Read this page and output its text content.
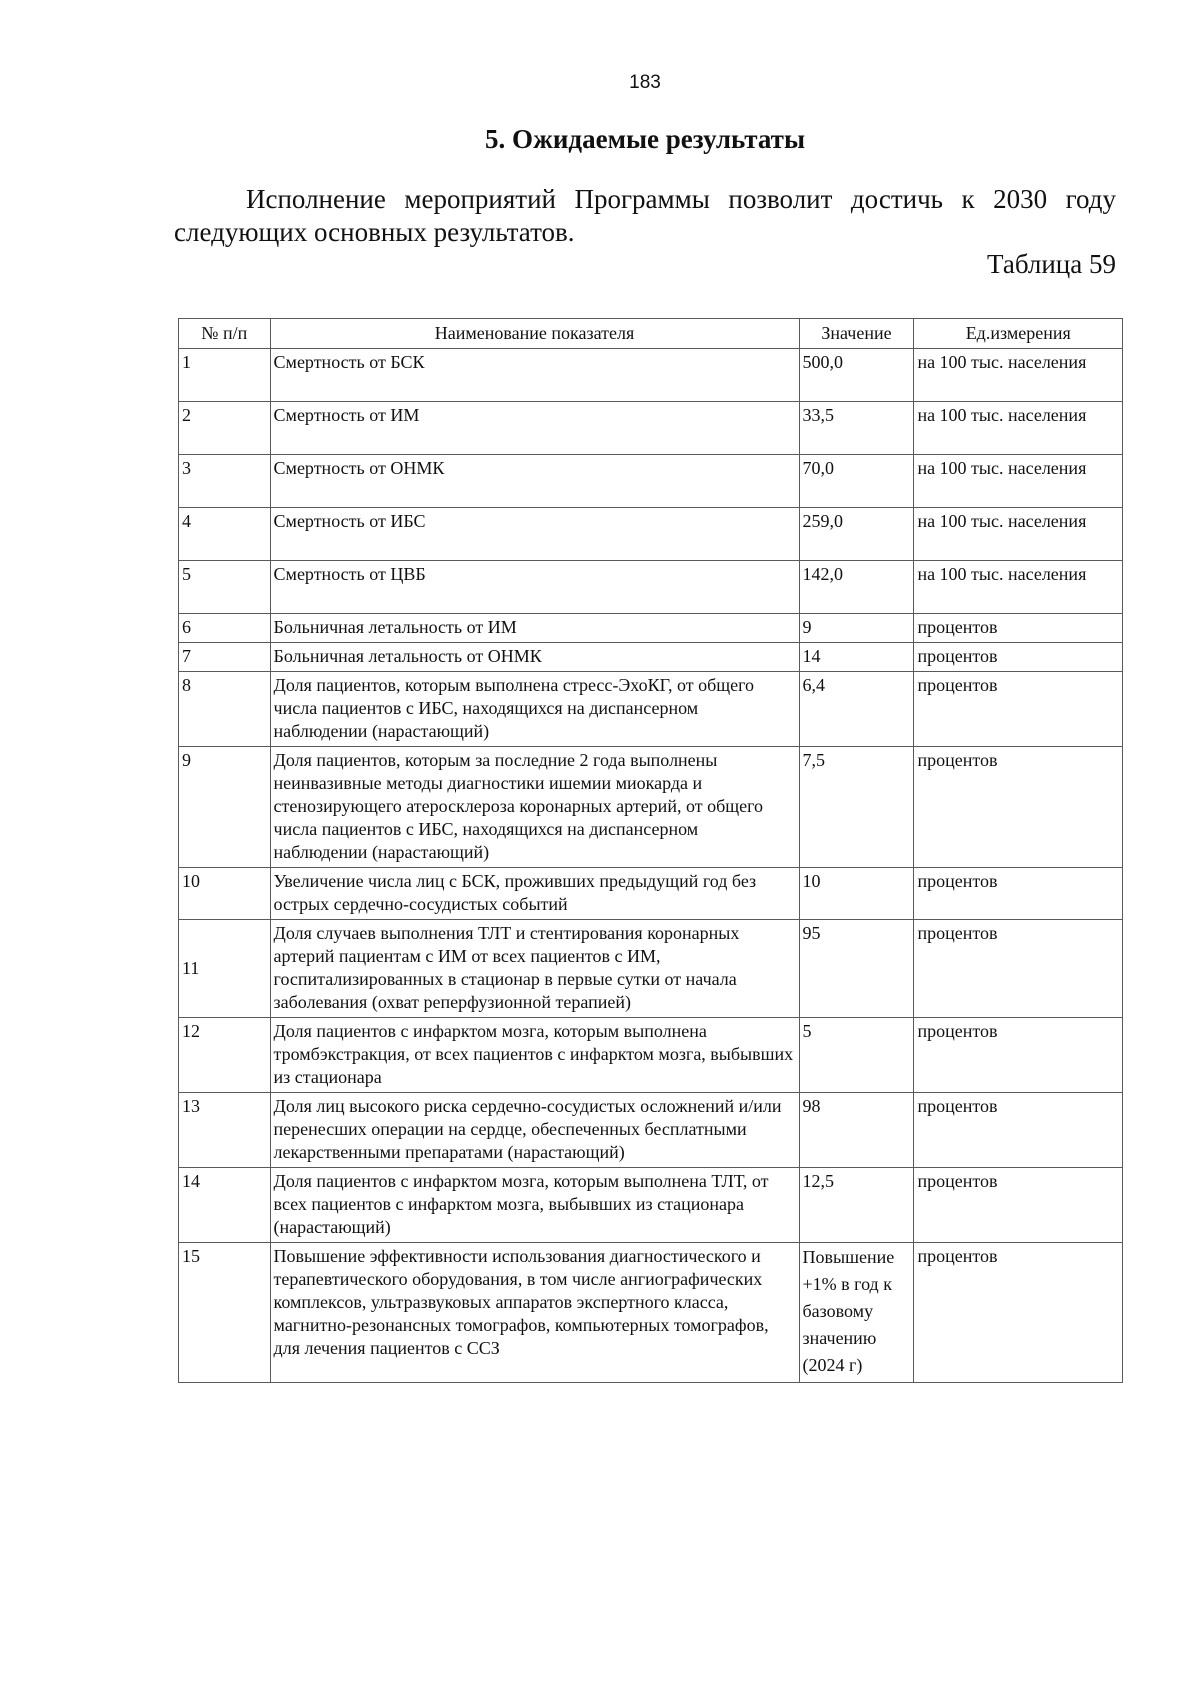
183
5. Ожидаемые результаты

Исполнение мероприятий Программы позволит достичь к 2030 году следующих основных результатов.

Таблица 59
№ п/п	Наименование показателя	Значение	Ед.измерения
1	Смертность от БСК	500,0	на 100 тыс. населения
2	Смертность от ИМ	33,5	на 100 тыс. населения
3	Смертность от ОНМК	70,0	на 100 тыс. населения
4	Смертность от ИБС	259,0	на 100 тыс. населения
5	Смертность от ЦВБ	142,0	на 100 тыс. населения
6	Больничная летальность от ИМ	9	процентов
7	Больничная летальность от ОНМК	14	процентов
8	Доля пациентов, которым выполнена стресс-ЭхоКГ, от общего числа пациентов с ИБС, находящихся на диспансерном наблюдении (нарастающий)	6,4	процентов
9	Доля пациентов, которым за последние 2 года выполнены неинвазивные методы диагностики ишемии миокарда и стенозирующего атеросклероза коронарных артерий, от общего числа пациентов с ИБС, находящихся на диспансерном наблюдении (нарастающий)	7,5	процентов
10	Увеличение числа лиц с БСК, проживших предыдущий год без острых сердечно-сосудистых событий	10	процентов
11	Доля случаев выполнения ТЛТ и стентирования коронарных артерий пациентам с ИМ от всех пациентов с ИМ, госпитализированных в стационар в первые сутки от начала заболевания (охват реперфузионной терапией)	95	процентов
12	Доля пациентов с инфарктом мозга, которым выполнена тромбэкстракция, от всех пациентов с инфарктом мозга, выбывших из стационара	5	процентов
13	Доля лиц высокого риска сердечно-сосудистых осложнений и/или перенесших операции на сердце, обеспеченных бесплатными лекарственными препаратами (нарастающий)	98	процентов
14	Доля пациентов с инфарктом мозга, которым выполнена ТЛТ, от всех пациентов с инфарктом мозга, выбывших из стационара (нарастающий)	12,5	процентов
15	Повышение эффективности использования диагностического и терапевтического оборудования, в том числе ангиографических комплексов, ультразвуковых аппаратов экспертного класса, магнитно-резонансных томографов, компьютерных томографов, для лечения пациентов с ССЗ	Повышение +1% в год к базовому значению (2024 г)	процентов
